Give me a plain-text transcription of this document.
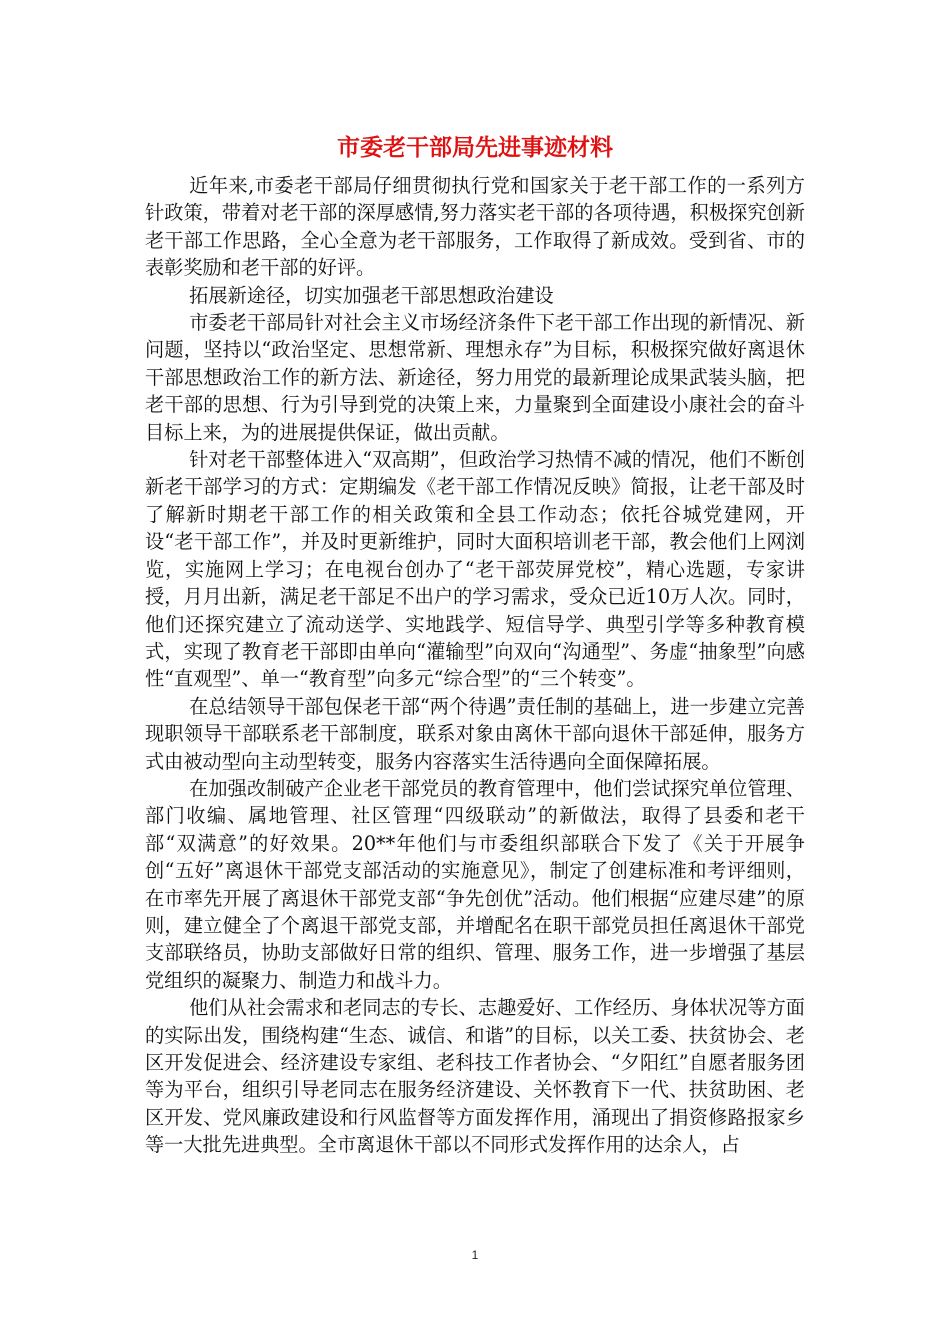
市委老干部局先进事迹材料

近年来,市委老干部局仔细贯彻执行党和国家关于老干部工作的一系列方针政策，带着对老干部的深厚感情,努力落实老干部的各项待遇，积极探究创新老干部工作思路，全心全意为老干部服务，工作取得了新成效。受到省、市的表彰奖励和老干部的好评。

拓展新途径，切实加强老干部思想政治建设

市委老干部局针对社会主义市场经济条件下老干部工作出现的新情况、新问题，坚持以“政治坚定、思想常新、理想永存”为目标，积极探究做好离退休干部思想政治工作的新方法、新途径，努力用党的最新理论成果武装头脑，把老干部的思想、行为引导到党的决策上来，力量聚到全面建设小康社会的奋斗目标上来，为的进展提供保证，做出贡献。

针对老干部整体进入“双高期”，但政治学习热情不减的情况，他们不断创新老干部学习的方式：定期编发《老干部工作情况反映》简报，让老干部及时了解新时期老干部工作的相关政策和全县工作动态；依托谷城党建网，开设“老干部工作”，并及时更新维护，同时大面积培训老干部，教会他们上网浏览，实施网上学习；在电视台创办了“老干部荧屏党校”，精心选题，专家讲授，月月出新，满足老干部足不出户的学习需求，受众已近10万人次。同时，他们还探究建立了流动送学、实地践学、短信导学、典型引学等多种教育模式，实现了教育老干部即由单向“灌输型”向双向“沟通型”、务虚“抽象型”向感性“直观型”、单一“教育型”向多元“综合型”的“三个转变”。

在总结领导干部包保老干部“两个待遇”责任制的基础上，进一步建立完善现职领导干部联系老干部制度，联系对象由离休干部向退休干部延伸，服务方式由被动型向主动型转变，服务内容落实生活待遇向全面保障拓展。

在加强改制破产企业老干部党员的教育管理中，他们尝试探究单位管理、部门收编、属地管理、社区管理“四级联动”的新做法，取得了县委和老干部“双满意”的好效果。20**年他们与市委组织部联合下发了《关于开展争创“五好”离退休干部党支部活动的实施意见》，制定了创建标准和考评细则，在市率先开展了离退休干部党支部“争先创优”活动。他们根据“应建尽建”的原则，建立健全了个离退干部党支部，并增配名在职干部党员担任离退休干部党支部联络员，协助支部做好日常的组织、管理、服务工作，进一步增强了基层党组织的凝聚力、制造力和战斗力。

他们从社会需求和老同志的专长、志趣爱好、工作经历、身体状况等方面的实际出发，围绕构建“生态、诚信、和谐”的目标，以关工委、扶贫协会、老区开发促进会、经济建设专家组、老科技工作者协会、“夕阳红”自愿者服务团等为平台，组织引导老同志在服务经济建设、关怀教育下一代、扶贫助困、老区开发、党风廉政建设和行风监督等方面发挥作用，涌现出了捐资修路报家乡等一大批先进典型。全市离退休干部以不同形式发挥作用的达余人，占

1
